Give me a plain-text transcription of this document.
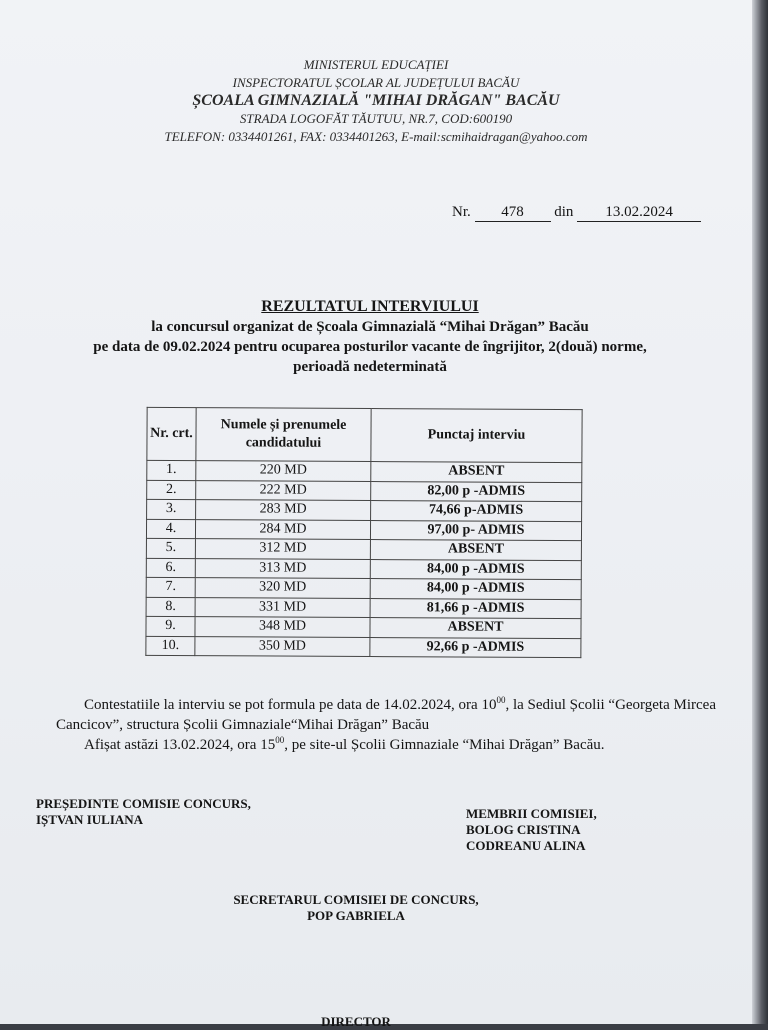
MINISTERUL EDUCAȚIEI
INSPECTORATUL ȘCOLAR AL JUDEȚULUI BACĂU
ȘCOALA GIMNAZIALĂ "MIHAI DRĂGAN" BACĂU
STRADA LOGOFĂT TĂUTUU, NR.7, COD:600190
TELEFON: 0334401261, FAX: 0334401263, E-mail:scmihaidragan@yahoo.com
Nr. 478 din 13.02.2024
REZULTATUL INTERVIULUI
la concursul organizat de Școala Gimnazială “Mihai Drăgan” Bacău
pe data de 09.02.2024 pentru ocuparea posturilor vacante de îngrijitor, 2(două) norme,
perioadă nedeterminată
Nr. crt.	Numele și prenumele candidatului	Punctaj interviu
1.	220 MD	ABSENT
2.	222 MD	82,00 p -ADMIS
3.	283 MD	74,66 p-ADMIS
4.	284 MD	97,00 p- ADMIS
5.	312 MD	ABSENT
6.	313 MD	84,00 p -ADMIS
7.	320 MD	84,00 p -ADMIS
8.	331 MD	81,66 p -ADMIS
9.	348 MD	ABSENT
10.	350 MD	92,66 p -ADMIS
Contestatiile la interviu se pot formula pe data de 14.02.2024, ora $10^{00}$, la Sediul Școlii “Georgeta Mircea Cancicov”, structura Școlii Gimnaziale“Mihai Drăgan” Bacău
Afișat astăzi 13.02.2024, ora $15^{00}$, pe site-ul Școlii Gimnaziale “Mihai Drăgan” Bacău.
PREȘEDINTE COMISIE CONCURS,
IȘTVAN IULIANA	MEMBRII COMISIEI,
BOLOG CRISTINA
CODREANU ALINA
SECRETARUL COMISIEI DE CONCURS,
POP GABRIELA
DIRECTOR
